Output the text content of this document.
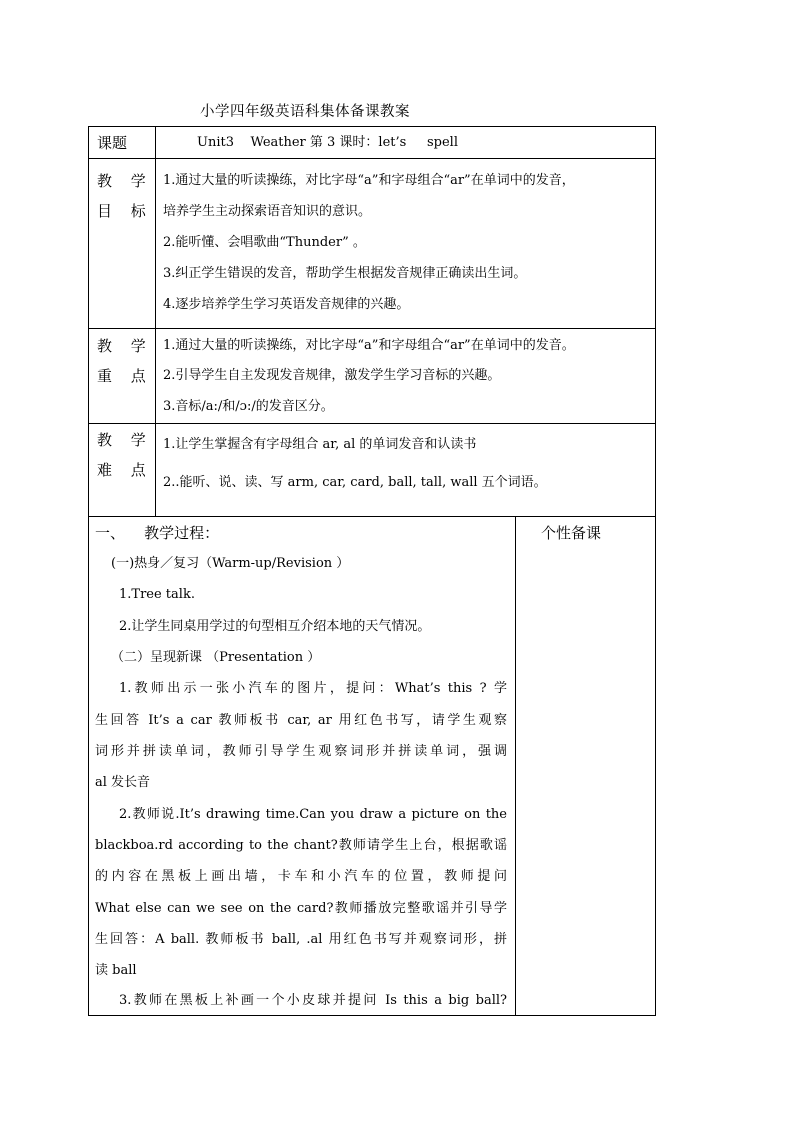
小学四年级英语科集体备课教案
课题	Unit3    Weather 第 3 课时：let’s     spell
教 学
目 标
1.通过大量的听读操练，对比字母“a”和字母组合“ar”在单词中的发音，
培养学生主动探索语音知识的意识。
2.能听懂、会唱歌曲“Thunder” 。
3.纠正学生错误的发音，帮助学生根据发音规律正确读出生词。
4.逐步培养学生学习英语发音规律的兴趣。
教 学
重 点
1.通过大量的听读操练，对比字母“a”和字母组合“ar”在单词中的发音。
2.引导学生自主发现发音规律，激发学生学习音标的兴趣。
3.音标/a:/和/ɔ:/的发音区分。
教 学
难 点
1.让学生掌握含有字母组合 ar, al 的单词发音和认读书
2..能听、说、读、写 arm, car, card, ball, tall, wall 五个词语。
一、    教学过程：	个性备课
(一)热身／复习（Warm-up/Revision ）
1.Tree talk.
2.让学生同桌用学过的句型相互介绍本地的天气情况。
（二）呈现新课 （Presentation ）
1.教师出示一张小汽车的图片，提问：What’s this ? 学
生回答 It’s a car 教师板书 car, ar 用红色书写，请学生观察
词形并拼读单词，教师引导学生观察词形并拼读单词，强调
al 发长音
2.教师说.It’s drawing time.Can you draw a picture on the
blackboa.rd according to the chant?教师请学生上台，根据歌谣
的内容在黑板上画出墙，卡车和小汽车的位置，教师提问
What else can we see on the card?教师播放完整歌谣并引导学
生回答：A ball. 教师板书 ball, .al 用红色书写并观察词形，拼
读 ball
3.教师在黑板上补画一个小皮球并提问 Is this a big ball?
